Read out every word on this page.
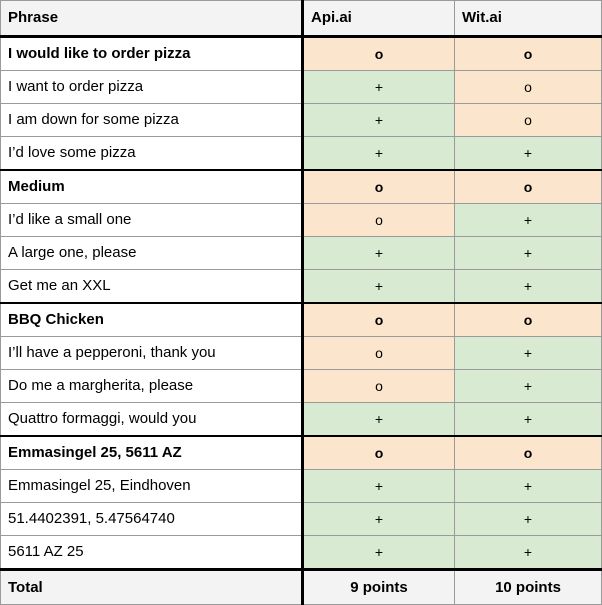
Phrase	Api.ai	Wit.ai
I would like to order pizza	o	o
I want to order pizza	+	o
I am down for some pizza	+	o
I’d love some pizza	+	+
Medium	o	o
I’d like a small one	o	+
A large one, please	+	+
Get me an XXL	+	+
BBQ Chicken	o	o
I’ll have a pepperoni, thank you	o	+
Do me a margherita, please	o	+
Quattro formaggi, would you	+	+
Emmasingel 25, 5611 AZ	o	o
Emmasingel 25, Eindhoven	+	+
51.4402391, 5.47564740	+	+
5611 AZ 25	+	+
Total	9 points	10 points
